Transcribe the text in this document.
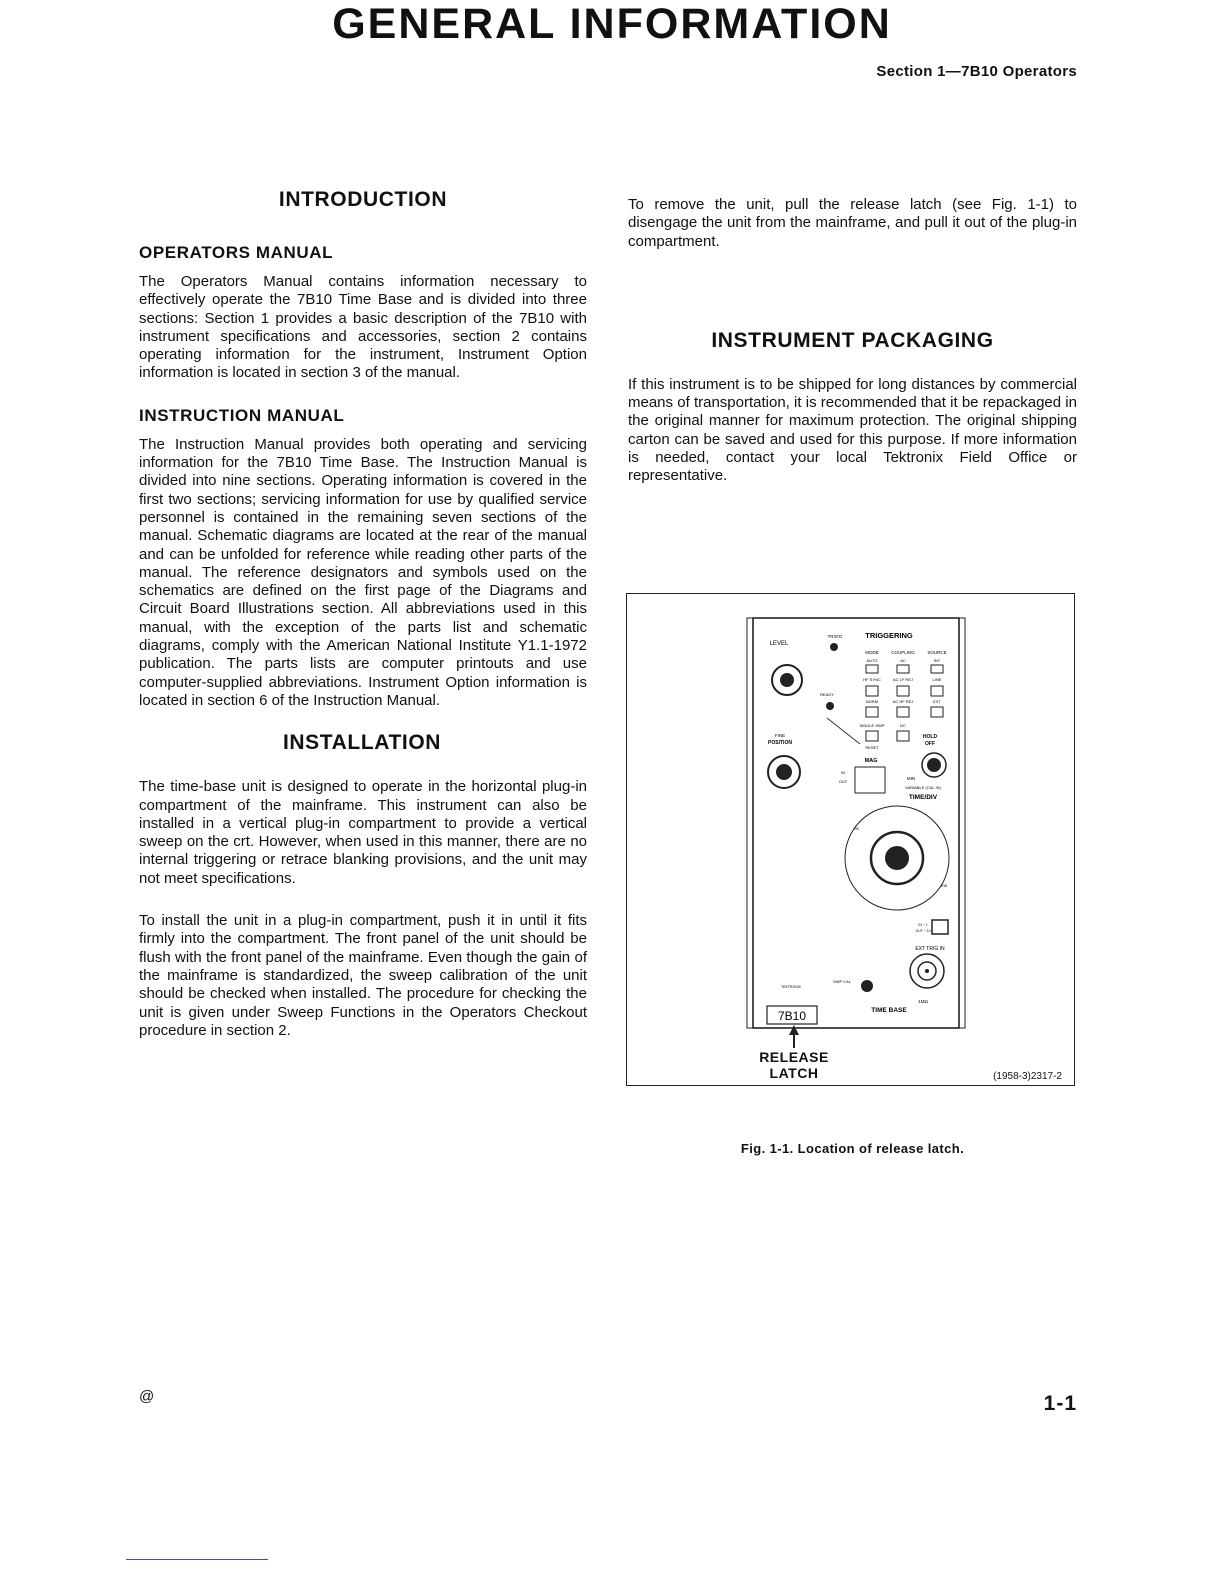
Section 1—7B10 Operators
GENERAL INFORMATION
INTRODUCTION
OPERATORS MANUAL

The Operators Manual contains information necessary to effectively operate the 7B10 Time Base and is divided into three sections: Section 1 provides a basic description of the 7B10 with instrument specifications and accessories, section 2 contains operating information for the instrument, Instrument Option information is located in section 3 of the manual.

INSTRUCTION MANUAL

The Instruction Manual provides both operating and servicing information for the 7B10 Time Base. The Instruction Manual is divided into nine sections. Operating information is covered in the first two sections; servicing information for use by qualified service personnel is contained in the remaining seven sections of the manual. Schematic diagrams are located at the rear of the manual and can be unfolded for reference while reading other parts of the manual. The reference designators and symbols used on the schematics are defined on the first page of the Diagrams and Circuit Board Illustrations section. All abbreviations used in this manual, with the exception of the parts list and schematic diagrams, comply with the American National Institute Y1.1-1972 publication. The parts lists are computer printouts and use computer-supplied abbreviations. Instrument Option information is located in section 6 of the Instruction Manual.

INSTALLATION

The time-base unit is designed to operate in the horizontal plug-in compartment of the mainframe. This instrument can also be installed in a vertical plug-in compartment to provide a vertical sweep on the crt. However, when used in this manner, there are no internal triggering or retrace blanking provisions, and the unit may not meet specifications.

To install the unit in a plug-in compartment, push it in until it fits firmly into the compartment. The front panel of the unit should be flush with the front panel of the mainframe. Even though the gain of the mainframe is standardized, the sweep calibration of the unit should be checked when installed. The procedure for checking the unit is given under Sweep Functions in the Operators Checkout procedure in section 2.

To remove the unit, pull the release latch (see Fig. 1-1) to disengage the unit from the mainframe, and pull it out of the plug-in compartment.

INSTRUMENT PACKAGING

If this instrument is to be shipped for long distances by commercial means of transportation, it is recommended that it be repackaged in the original manner for maximum protection. The original shipping carton can be saved and used for this purpose. If more information is needed, contact your local Tektronix Field Office or representative.

TRIGGERING
TRIG'D
LEVEL
MODE	COUPLING	SOURCE
AUTO	AC	INT
HF SYNC	AC LF REJ	LINE
READY
NORM	AC HF REJ	EXT
SINGLE SWP	DC
RESET
HOLD
OFF
FINE
POSITION
MAG
IN
OUT
MIN
VARIABLE (CAL IN)
TIME/DIV
ns
ms
IN ÷ 1
OUT ÷ 10
EXT TRIG IN
SWP CAL
1MΩ
TEKTRONIX
7B10	TIME BASE
RELEASE
LATCH	(1958-3)2317-2
Fig. 1-1. Location of release latch.
@	1-1
